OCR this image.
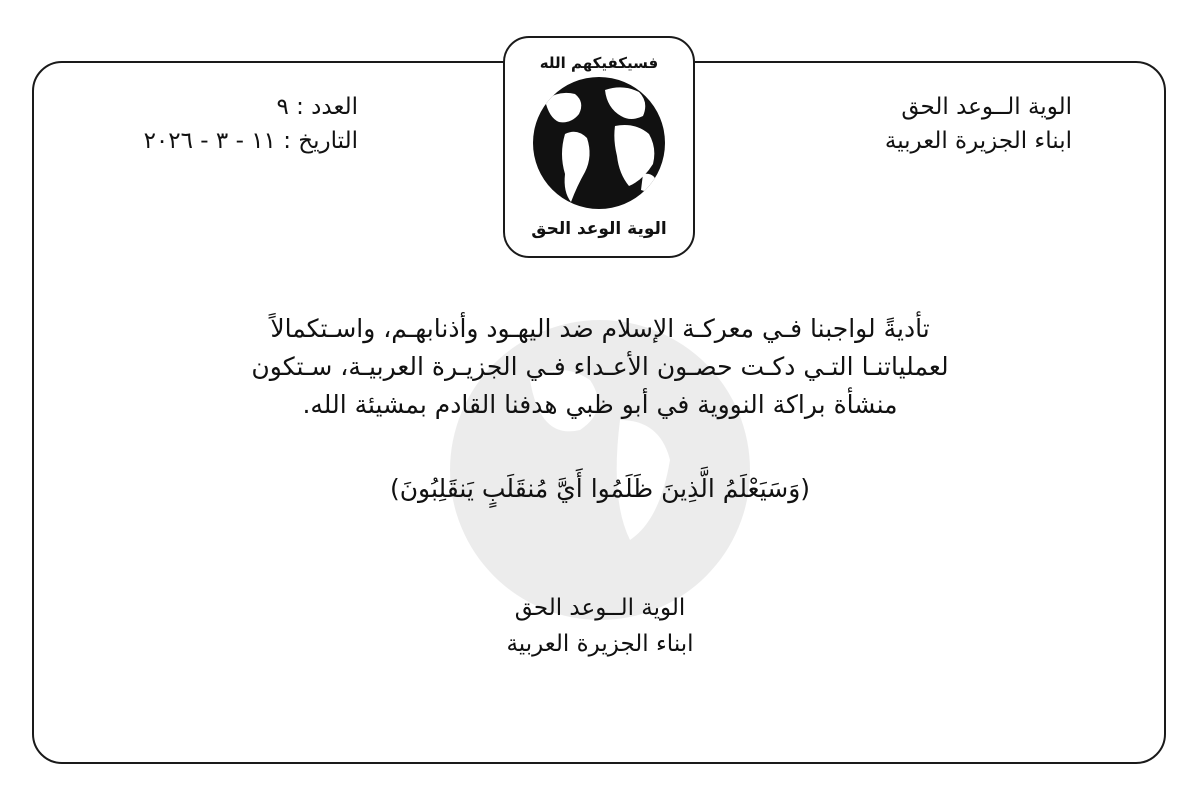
فسيكفيكهم الله
الوية الوعد الحق
الوية الــوعد الحق
ابناء الجزيرة العربية
العدد : ٩
التاريخ : ١١ - ٣ - ٢٠٢٦

تأديةً لواجبنا فـي معركـة الإسلام ضد اليهـود وأذنابهـم، واسـتكمالاً

لعملياتنـا التـي دكـت حصـون الأعـداء فـي الجزيـرة العربيـة، سـتكون

منشأة براكة النووية في أبو ظبي هدفنا القادم بمشيئة الله.

(وَسَيَعْلَمُ الَّذِينَ ظَلَمُوا أَيَّ مُنقَلَبٍ يَنقَلِبُونَ)
الوية الــوعد الحق
ابناء الجزيرة العربية
